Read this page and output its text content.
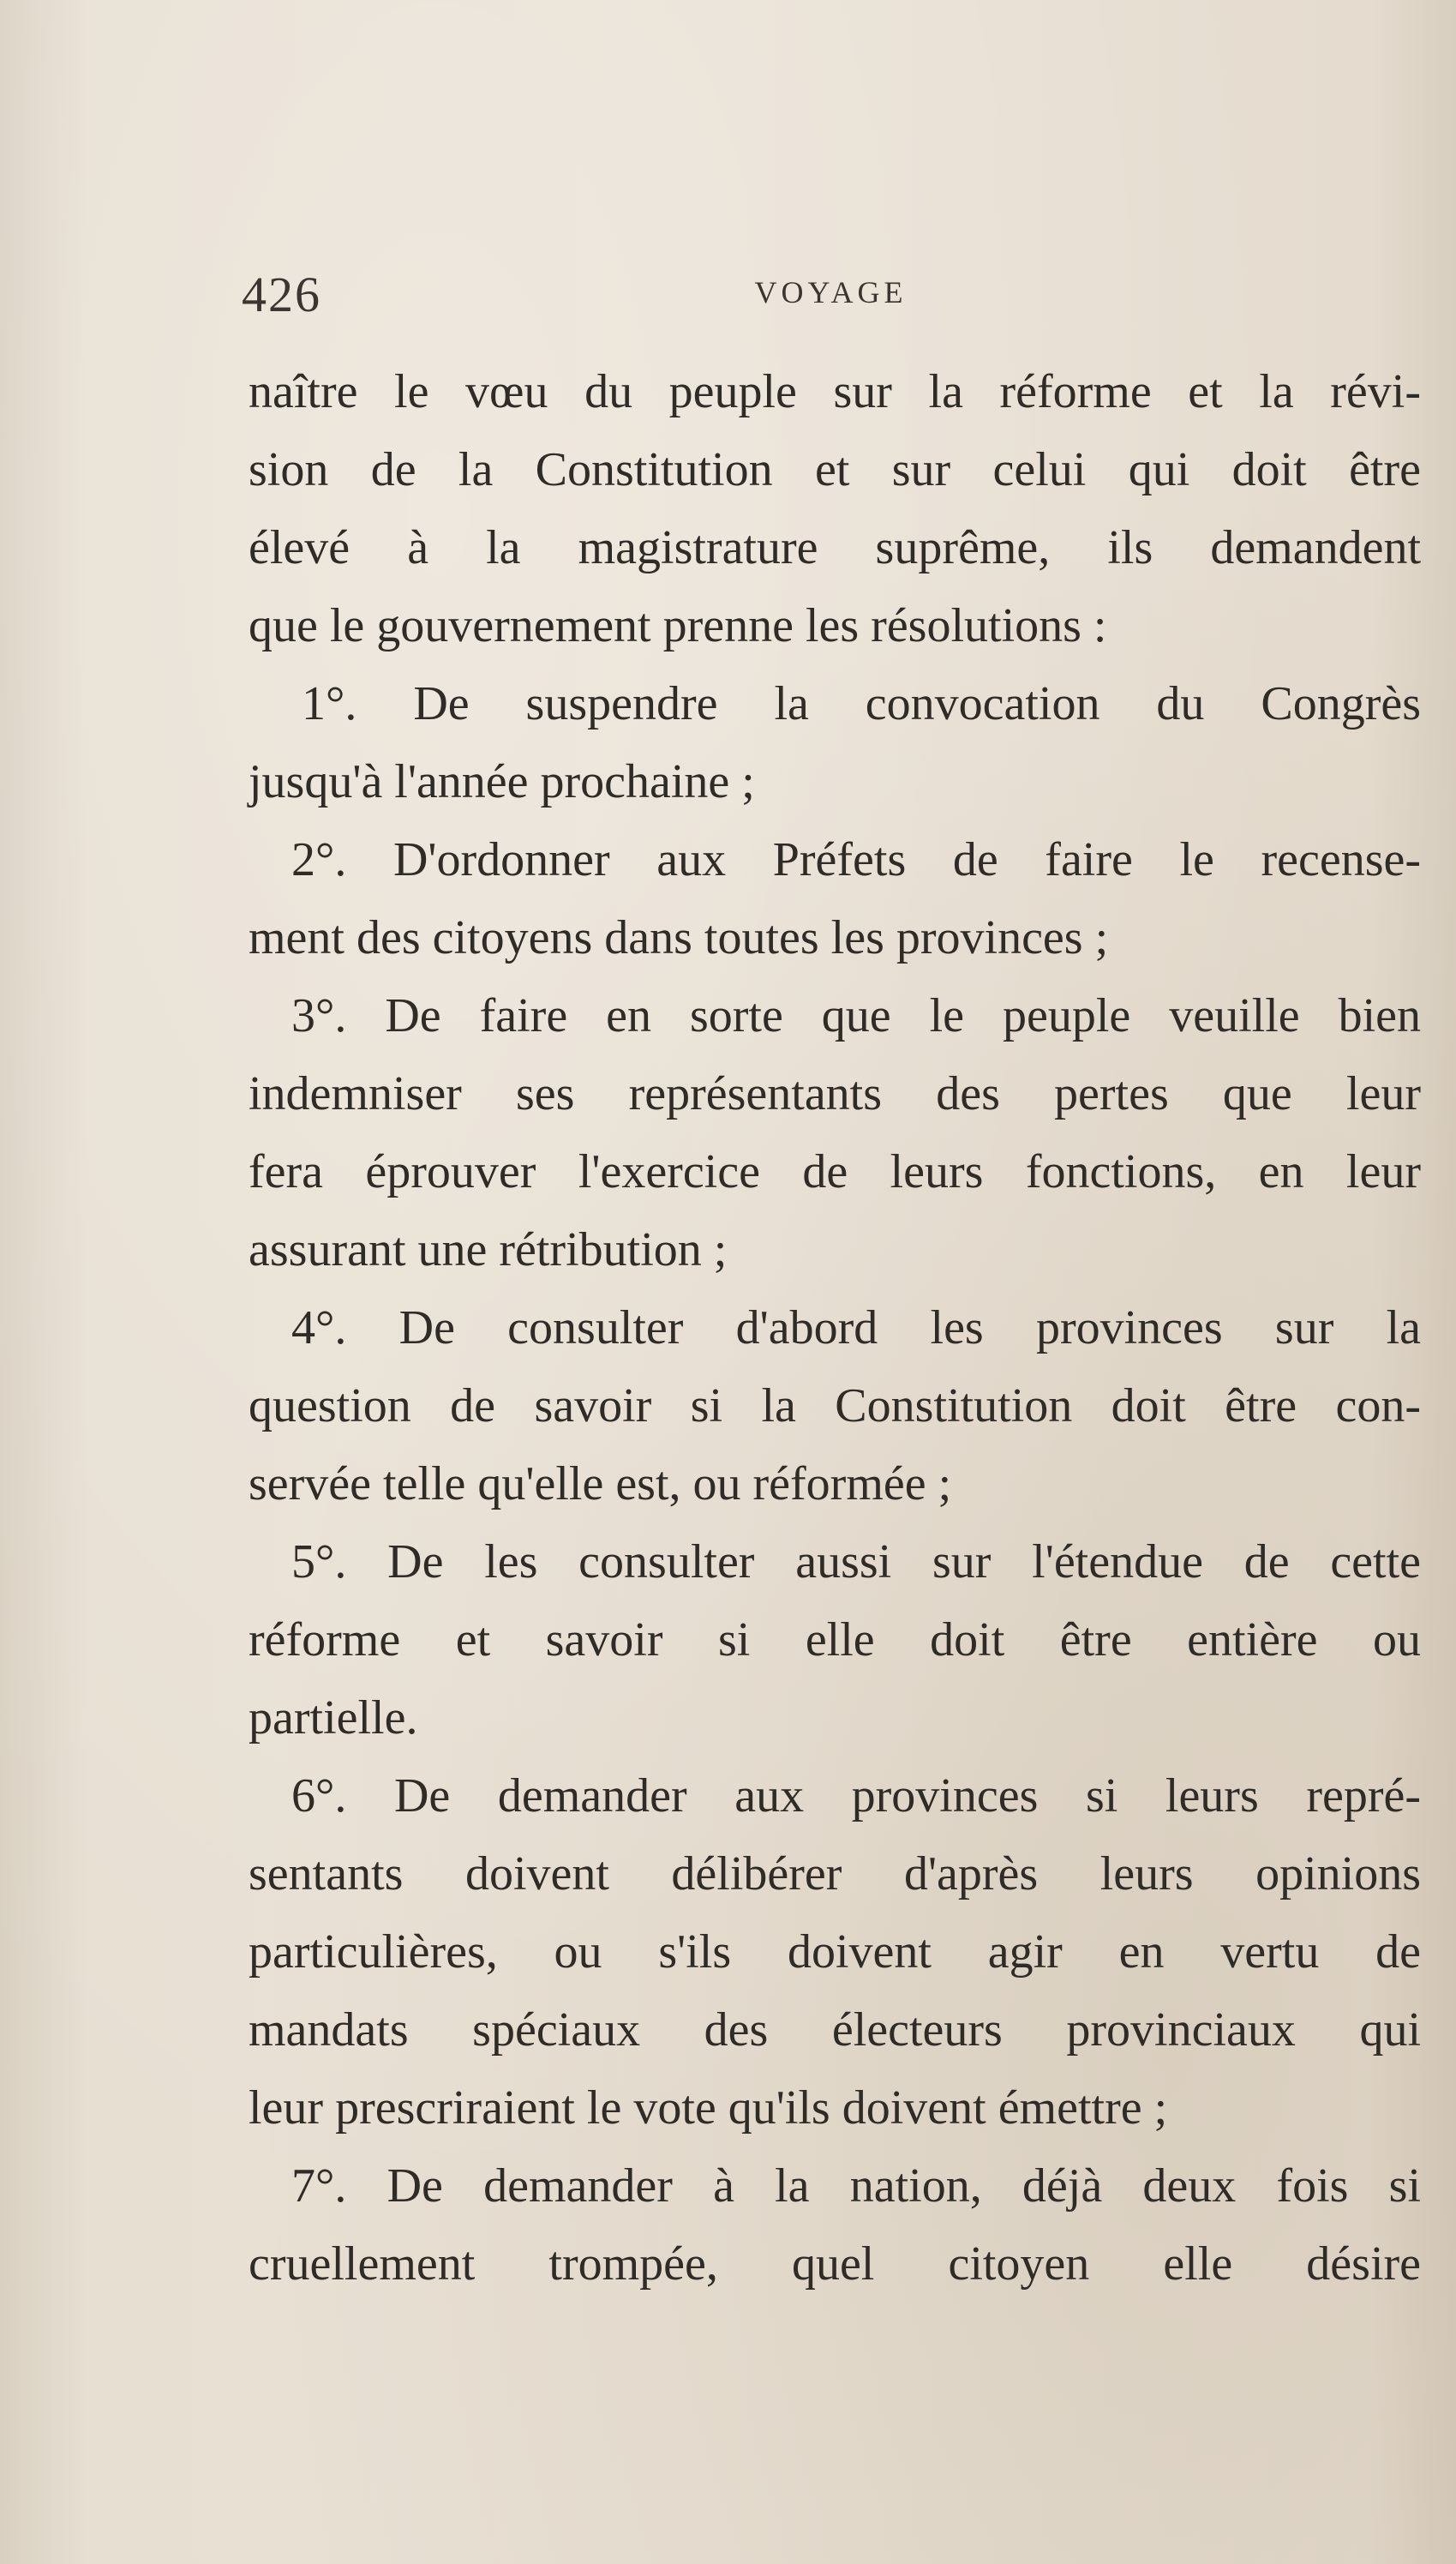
426	VOYAGE
naître le vœu du peuple sur la réforme et la révi-
sion de la Constitution et sur celui qui doit être
élevé à la magistrature suprême, ils demandent
que le gouvernement prenne les résolutions :
1°. De suspendre la convocation du Congrès
jusqu'à l'année prochaine ;
2°. D'ordonner aux Préfets de faire le recense-
ment des citoyens dans toutes les provinces ;
3°. De faire en sorte que le peuple veuille bien
indemniser ses représentants des pertes que leur
fera éprouver l'exercice de leurs fonctions, en leur
assurant une rétribution ;
4°. De consulter d'abord les provinces sur la
question de savoir si la Constitution doit être con-
servée telle qu'elle est, ou réformée ;
5°. De les consulter aussi sur l'étendue de cette
réforme et savoir si elle doit être entière ou
partielle.
6°. De demander aux provinces si leurs repré-
sentants doivent délibérer d'après leurs opinions
particulières, ou s'ils doivent agir en vertu de
mandats spéciaux des électeurs provinciaux qui
leur prescriraient le vote qu'ils doivent émettre ;
7°. De demander à la nation, déjà deux fois si
cruellement trompée, quel citoyen elle désire
